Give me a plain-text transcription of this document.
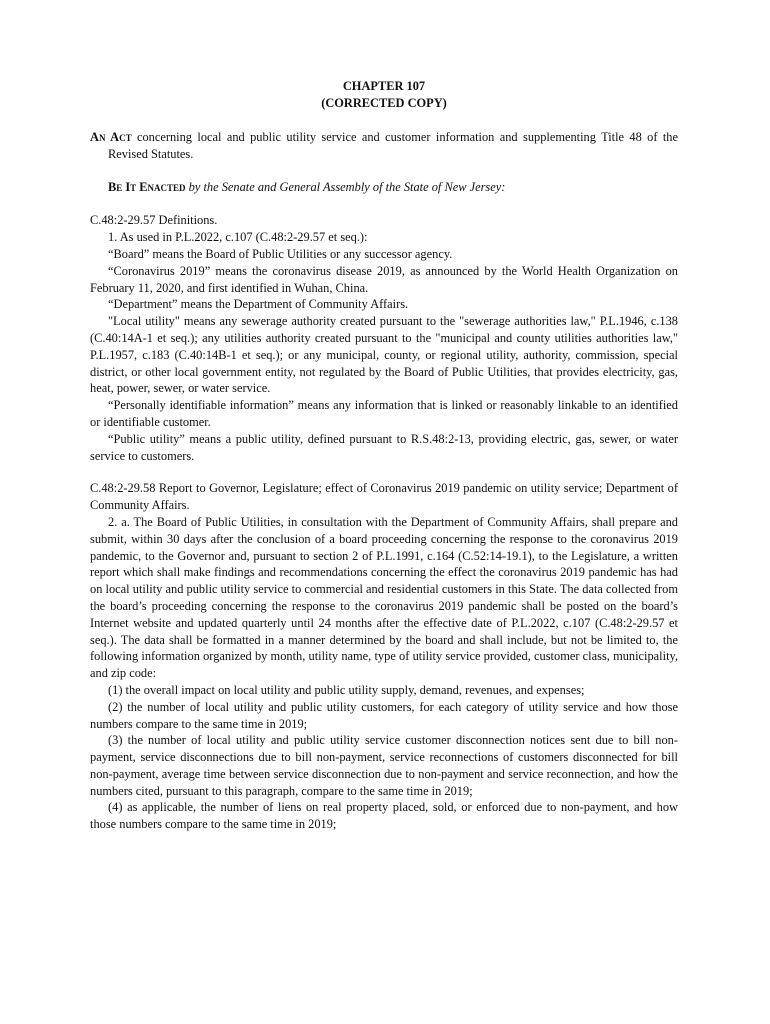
CHAPTER 107

(CORRECTED COPY)

An Act concerning local and public utility service and customer information and supplementing Title 48 of the Revised Statutes.

Be It Enacted by the Senate and General Assembly of the State of New Jersey:

C.48:2-29.57 Definitions.

1. As used in P.L.2022, c.107 (C.48:2-29.57 et seq.):

“Board” means the Board of Public Utilities or any successor agency.

“Coronavirus 2019” means the coronavirus disease 2019, as announced by the World Health Organization on February 11, 2020, and first identified in Wuhan, China.

“Department” means the Department of Community Affairs.

"Local utility" means any sewerage authority created pursuant to the "sewerage authorities law," P.L.1946, c.138 (C.40:14A-1 et seq.); any utilities authority created pursuant to the "municipal and county utilities authorities law," P.L.1957, c.183 (C.40:14B-1 et seq.); or any municipal, county, or regional utility, authority, commission, special district, or other local government entity, not regulated by the Board of Public Utilities, that provides electricity, gas, heat, power, sewer, or water service.

“Personally identifiable information” means any information that is linked or reasonably linkable to an identified or identifiable customer.

“Public utility” means a public utility, defined pursuant to R.S.48:2-13, providing electric, gas, sewer, or water service to customers.

C.48:2-29.58 Report to Governor, Legislature; effect of Coronavirus 2019 pandemic on utility service; Department of Community Affairs.

2. a. The Board of Public Utilities, in consultation with the Department of Community Affairs, shall prepare and submit, within 30 days after the conclusion of a board proceeding concerning the response to the coronavirus 2019 pandemic, to the Governor and, pursuant to section 2 of P.L.1991, c.164 (C.52:14-19.1), to the Legislature, a written report which shall make findings and recommendations concerning the effect the coronavirus 2019 pandemic has had on local utility and public utility service to commercial and residential customers in this State. The data collected from the board’s proceeding concerning the response to the coronavirus 2019 pandemic shall be posted on the board’s Internet website and updated quarterly until 24 months after the effective date of P.L.2022, c.107 (C.48:2-29.57 et seq.). The data shall be formatted in a manner determined by the board and shall include, but not be limited to, the following information organized by month, utility name, type of utility service provided, customer class, municipality, and zip code:

(1) the overall impact on local utility and public utility supply, demand, revenues, and expenses;

(2) the number of local utility and public utility customers, for each category of utility service and how those numbers compare to the same time in 2019;

(3) the number of local utility and public utility service customer disconnection notices sent due to bill non-payment, service disconnections due to bill non-payment, service reconnections of customers disconnected for bill non-payment, average time between service disconnection due to non-payment and service reconnection, and how the numbers cited, pursuant to this paragraph, compare to the same time in 2019;

(4) as applicable, the number of liens on real property placed, sold, or enforced due to non-payment, and how those numbers compare to the same time in 2019;
